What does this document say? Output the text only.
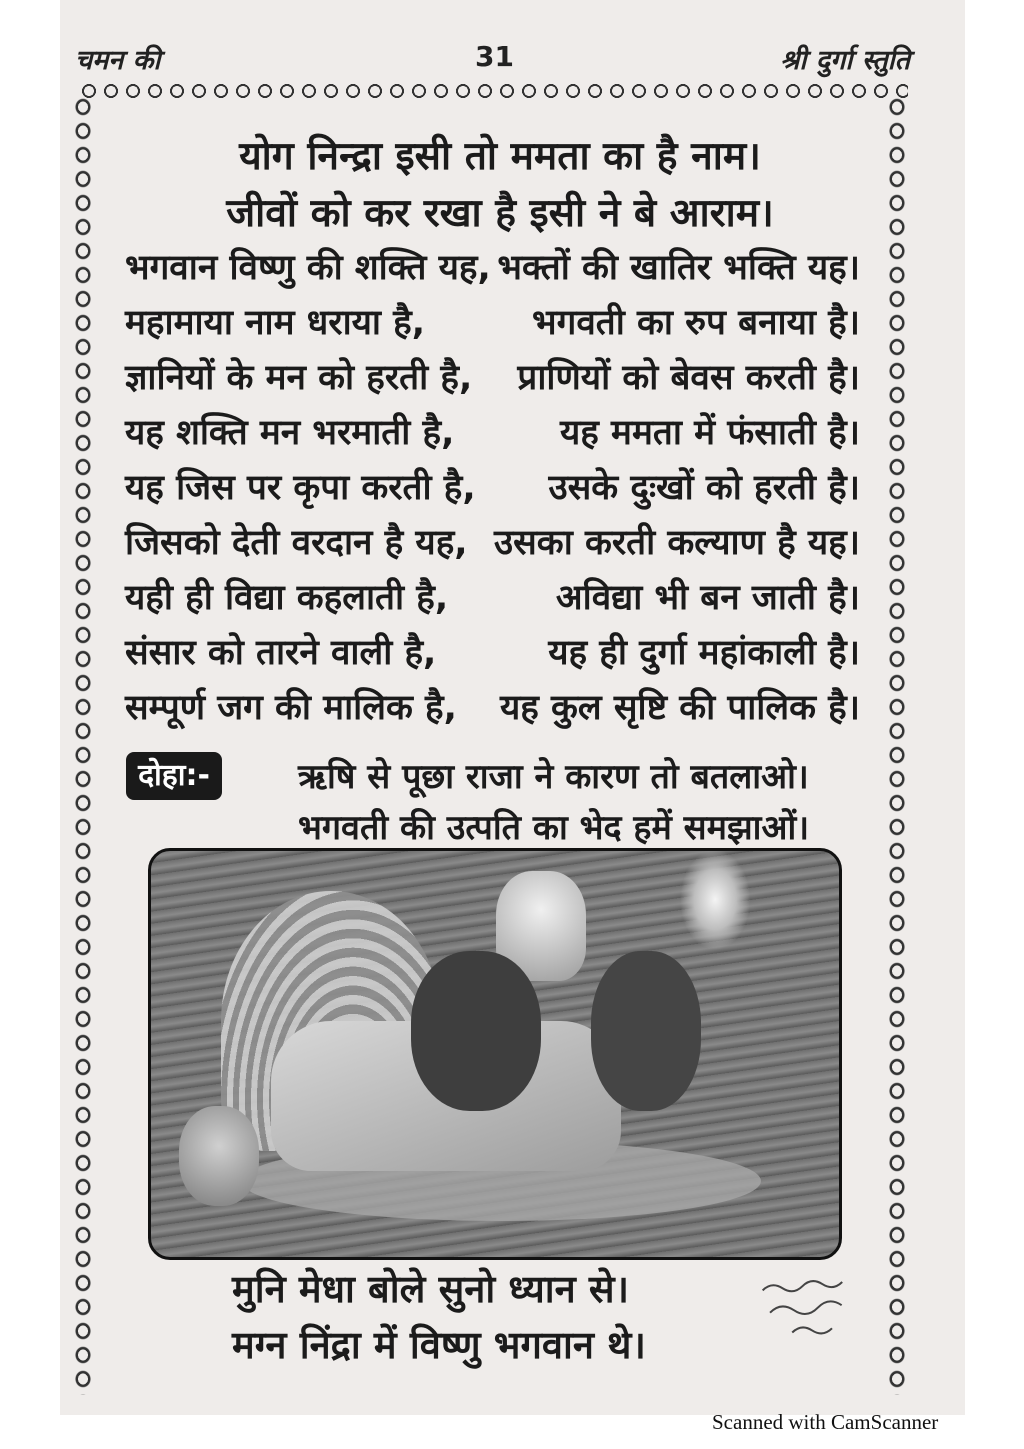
चमन की	31	श्री दुर्गा स्तुति
योग निन्द्रा इसी तो ममता का है नाम।
जीवों को कर रखा है इसी ने बे आराम।
भगवान विष्णु की शक्ति यह, भक्तों की खातिर भक्ति यह।
महामाया नाम धराया है,	भगवती का रुप बनाया है।
ज्ञानियों के मन को हरती है, प्राणियों को बेवस करती है।
यह शक्ति मन भरमाती है,	यह ममता में फंसाती है।
यह जिस पर कृपा करती है, उसके दुःखों को हरती है।
जिसको देती वरदान है यह, उसका करती कल्याण है यह।
यही ही विद्या कहलाती है,	अविद्या भी बन जाती है।
संसार को तारने वाली है,	यह ही दुर्गा महांकाली है।
सम्पूर्ण जग की मालिक है, यह कुल सृष्टि की पालिक है।
दोहा:-	ऋषि से पूछा राजा ने कारण तो बतलाओ।
भगवती की उत्पति का भेद हमें समझाओं।
मुनि मेधा बोले सुनो ध्यान से।
मग्न निंद्रा में विष्णु भगवान थे।
Scanned with CamScanner
